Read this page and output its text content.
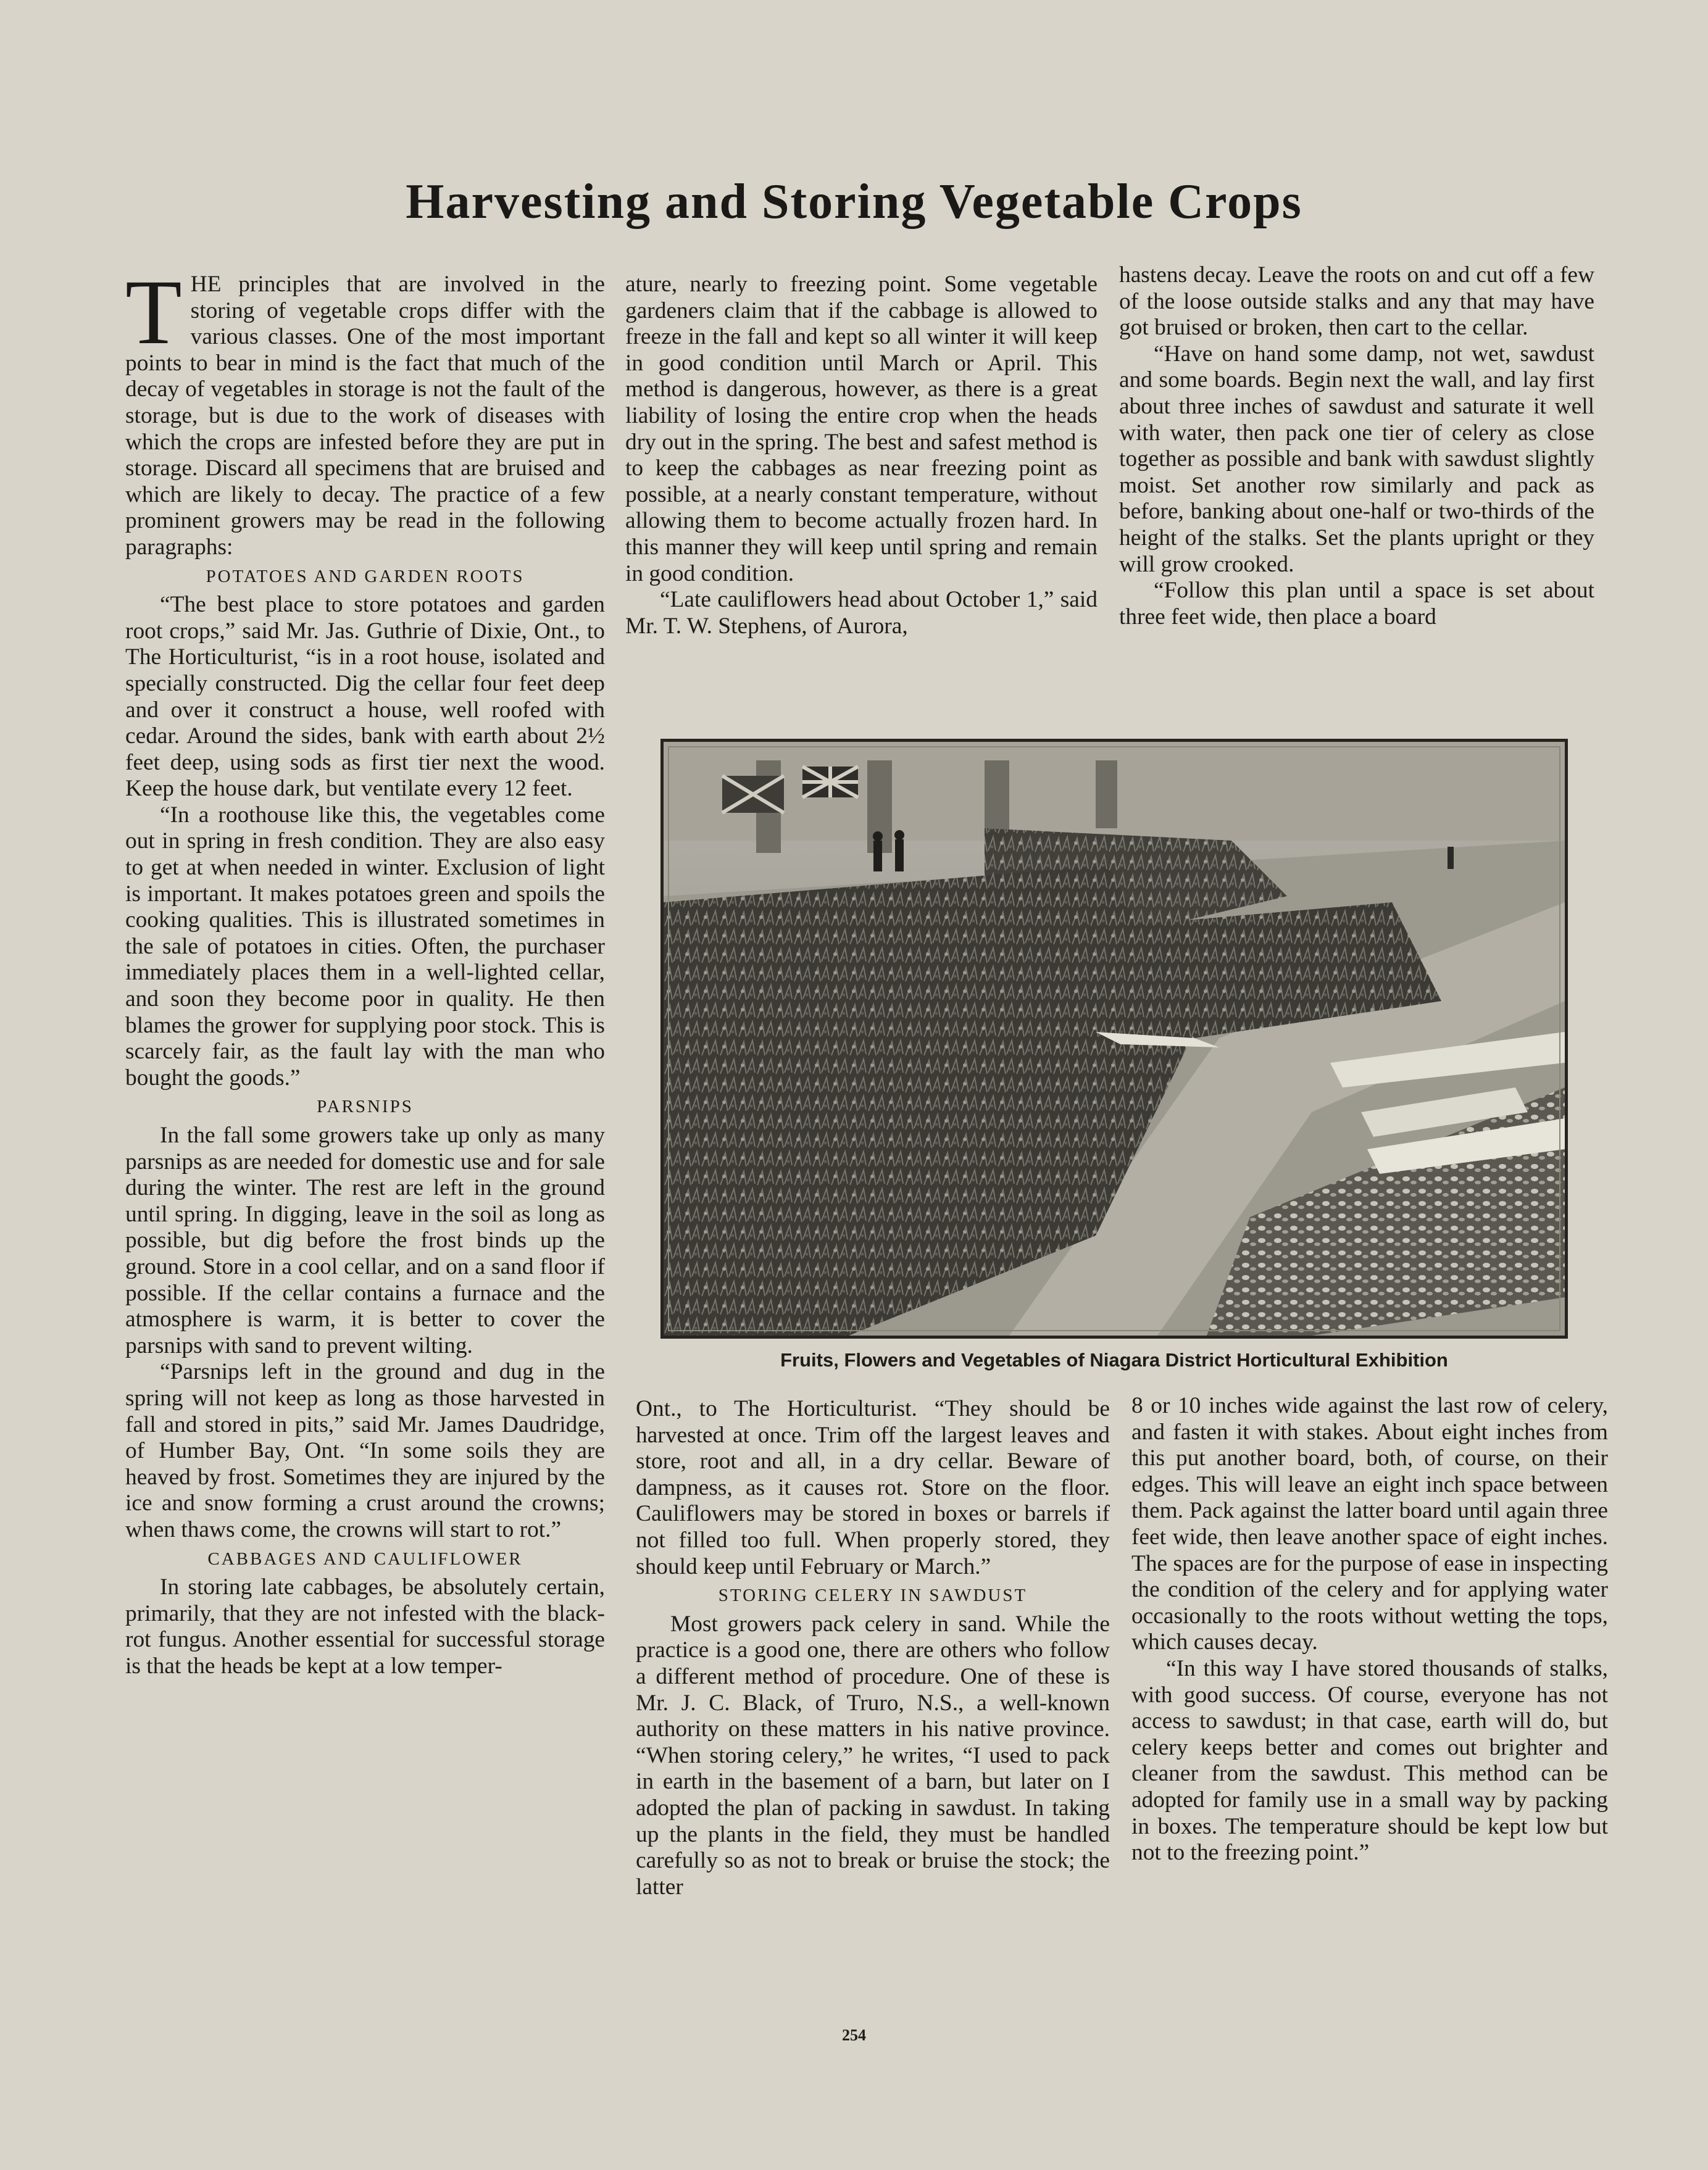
Harvesting and Storing Vegetable Crops

THE principles that are involved in the storing of vegetable crops differ with the various classes. One of the most important points to bear in mind is the fact that much of the decay of vegetables in storage is not the fault of the storage, but is due to the work of diseases with which the crops are infested before they are put in storage. Discard all specimens that are bruised and which are likely to decay. The practice of a few prominent growers may be read in the following paragraphs:

POTATOES AND GARDEN ROOTS

“The best place to store potatoes and garden root crops,” said Mr. Jas. Guthrie of Dixie, Ont., to The Horticulturist, “is in a root house, isolated and specially constructed. Dig the cellar four feet deep and over it construct a house, well roofed with cedar. Around the sides, bank with earth about 2½ feet deep, using sods as first tier next the wood. Keep the house dark, but ventilate every 12 feet.

“In a roothouse like this, the vegetables come out in spring in fresh condition. They are also easy to get at when needed in winter. Exclusion of light is important. It makes potatoes green and spoils the cooking qualities. This is illustrated sometimes in the sale of potatoes in cities. Often, the purchaser immediately places them in a well-lighted cellar, and soon they become poor in quality. He then blames the grower for supplying poor stock. This is scarcely fair, as the fault lay with the man who bought the goods.”

PARSNIPS

In the fall some growers take up only as many parsnips as are needed for domestic use and for sale during the winter. The rest are left in the ground until spring. In digging, leave in the soil as long as possible, but dig before the frost binds up the ground. Store in a cool cellar, and on a sand floor if possible. If the cellar contains a furnace and the atmosphere is warm, it is better to cover the parsnips with sand to prevent wilting.

“Parsnips left in the ground and dug in the spring will not keep as long as those harvested in fall and stored in pits,” said Mr. James Daudridge, of Humber Bay, Ont. “In some soils they are heaved by frost. Sometimes they are injured by the ice and snow forming a crust around the crowns; when thaws come, the crowns will start to rot.”

CABBAGES AND CAULIFLOWER

In storing late cabbages, be absolutely certain, primarily, that they are not infested with the black-rot fungus. Another essential for successful storage is that the heads be kept at a low temper-

ature, nearly to freezing point. Some vegetable gardeners claim that if the cabbage is allowed to freeze in the fall and kept so all winter it will keep in good condition until March or April. This method is dangerous, however, as there is a great liability of losing the entire crop when the heads dry out in the spring. The best and safest method is to keep the cabbages as near freezing point as possible, at a nearly constant temperature, without allowing them to become actually frozen hard. In this manner they will keep until spring and remain in good condition.

“Late cauliflowers head about October 1,” said Mr. T. W. Stephens, of Aurora,

hastens decay. Leave the roots on and cut off a few of the loose outside stalks and any that may have got bruised or broken, then cart to the cellar.

“Have on hand some damp, not wet, sawdust and some boards. Begin next the wall, and lay first about three inches of sawdust and saturate it well with water, then pack one tier of celery as close together as possible and bank with sawdust slightly moist. Set another row similarly and pack as before, banking about one-half or two-thirds of the height of the stalks. Set the plants upright or they will grow crooked.

“Follow this plan until a space is set about three feet wide, then place a board

Fruits, Flowers and Vegetables of Niagara District Horticultural Exhibition

Ont., to The Horticulturist. “They should be harvested at once. Trim off the largest leaves and store, root and all, in a dry cellar. Beware of dampness, as it causes rot. Store on the floor. Cauliflowers may be stored in boxes or barrels if not filled too full. When properly stored, they should keep until February or March.”

STORING CELERY IN SAWDUST

Most growers pack celery in sand. While the practice is a good one, there are others who follow a different method of procedure. One of these is Mr. J. C. Black, of Truro, N.S., a well-known authority on these matters in his native province. “When storing celery,” he writes, “I used to pack in earth in the basement of a barn, but later on I adopted the plan of packing in sawdust. In taking up the plants in the field, they must be handled carefully so as not to break or bruise the stock; the latter

8 or 10 inches wide against the last row of celery, and fasten it with stakes. About eight inches from this put another board, both, of course, on their edges. This will leave an eight inch space between them. Pack against the latter board until again three feet wide, then leave another space of eight inches. The spaces are for the purpose of ease in inspecting the condition of the celery and for applying water occasionally to the roots without wetting the tops, which causes decay.

“In this way I have stored thousands of stalks, with good success. Of course, everyone has not access to sawdust; in that case, earth will do, but celery keeps better and comes out brighter and cleaner from the sawdust. This method can be adopted for family use in a small way by packing in boxes. The temperature should be kept low but not to the freezing point.”

254
